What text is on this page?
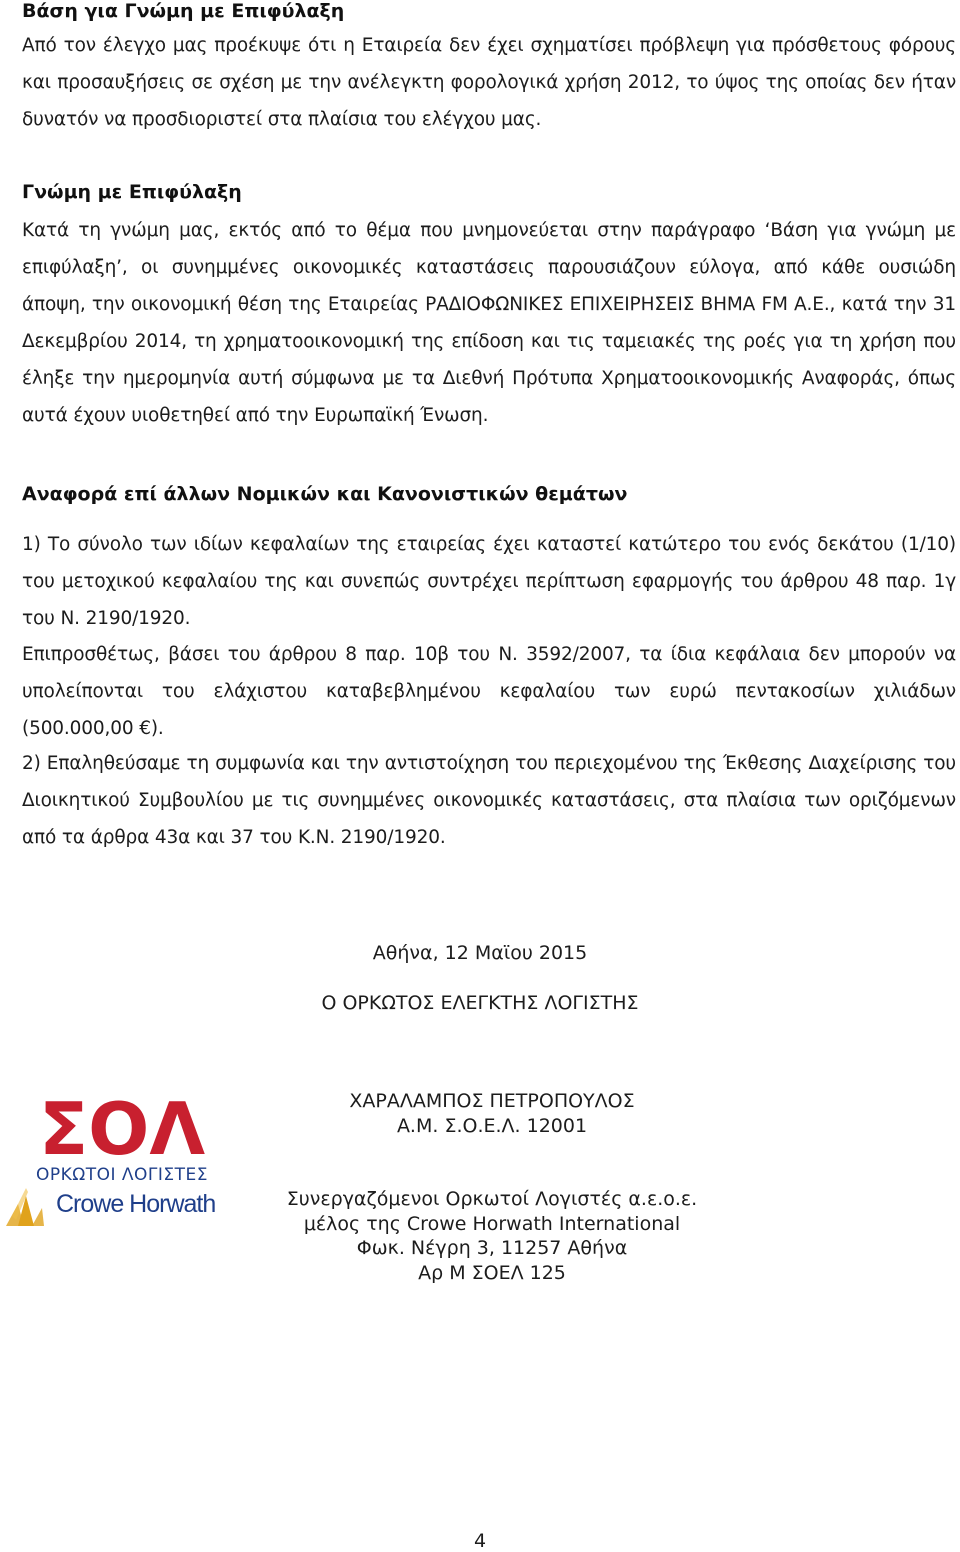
Βάση για Γνώμη με Επιφύλαξη

Από τον έλεγχο μας προέκυψε ότι η Εταιρεία δεν έχει σχηματίσει πρόβλεψη για πρόσθετους φόρους και προσαυξήσεις σε σχέση με την ανέλεγκτη φορολογικά χρήση 2012, το ύψος της οποίας δεν ήταν δυνατόν να προσδιοριστεί στα πλαίσια του ελέγχου μας.

Γνώμη με Επιφύλαξη

Κατά τη γνώμη μας, εκτός από το θέμα που μνημονεύεται στην παράγραφο ‘Βάση για γνώμη με επιφύλαξη’, οι συνημμένες οικονομικές καταστάσεις παρουσιάζουν εύλογα, από κάθε ουσιώδη άποψη, την οικονομική θέση της Εταιρείας ΡΑΔΙΟΦΩΝΙΚΕΣ ΕΠΙΧΕΙΡΗΣΕΙΣ ΒΗΜΑ FM Α.Ε., κατά την 31 Δεκεμβρίου 2014, τη χρηματοοικονομική της επίδοση και τις ταμειακές της ροές για τη χρήση που έληξε την ημερομηνία αυτή σύμφωνα με τα Διεθνή Πρότυπα Χρηματοοικονομικής Αναφοράς, όπως αυτά έχουν υιοθετηθεί από την Ευρωπαϊκή Ένωση.

Αναφορά επί άλλων Νομικών και Κανονιστικών θεμάτων

1) Το σύνολο των ιδίων κεφαλαίων της εταιρείας έχει καταστεί κατώτερο του ενός δεκάτου (1/10) του μετοχικού κεφαλαίου της και συνεπώς συντρέχει περίπτωση εφαρμογής του άρθρου 48 παρ. 1γ του Ν. 2190/1920.

Επιπροσθέτως, βάσει του άρθρου 8 παρ. 10β του Ν. 3592/2007, τα ίδια κεφάλαια δεν μπορούν να υπολείπονται του ελάχιστου καταβεβλημένου κεφαλαίου των ευρώ πεντακοσίων χιλιάδων (500.000,00 €).

2) Επαληθεύσαμε τη συμφωνία και την αντιστοίχηση του περιεχομένου της Έκθεσης Διαχείρισης του Διοικητικού Συμβουλίου με τις συνημμένες οικονομικές καταστάσεις, στα πλαίσια των οριζόμενων από τα άρθρα 43α και 37 του Κ.Ν. 2190/1920.

Αθήνα, 12 Μαϊου 2015

Ο ΟΡΚΩΤΟΣ ΕΛΕΓΚΤΗΣ ΛΟΓΙΣΤΗΣ

ΣΟΛ
ΟΡΚΩΤΟΙ ΛΟΓΙΣΤΕΣ
Crowe Horwath

ΧΑΡΑΛΑΜΠΟΣ ΠΕΤΡΟΠΟΥΛΟΣ

Α.Μ. Σ.Ο.Ε.Λ. 12001

Συνεργαζόμενοι Ορκωτοί Λογιστές α.ε.ο.ε.

μέλος της Crowe Horwath International

Φωκ. Νέγρη 3, 11257 Αθήνα

Αρ Μ ΣΟΕΛ 125

4
